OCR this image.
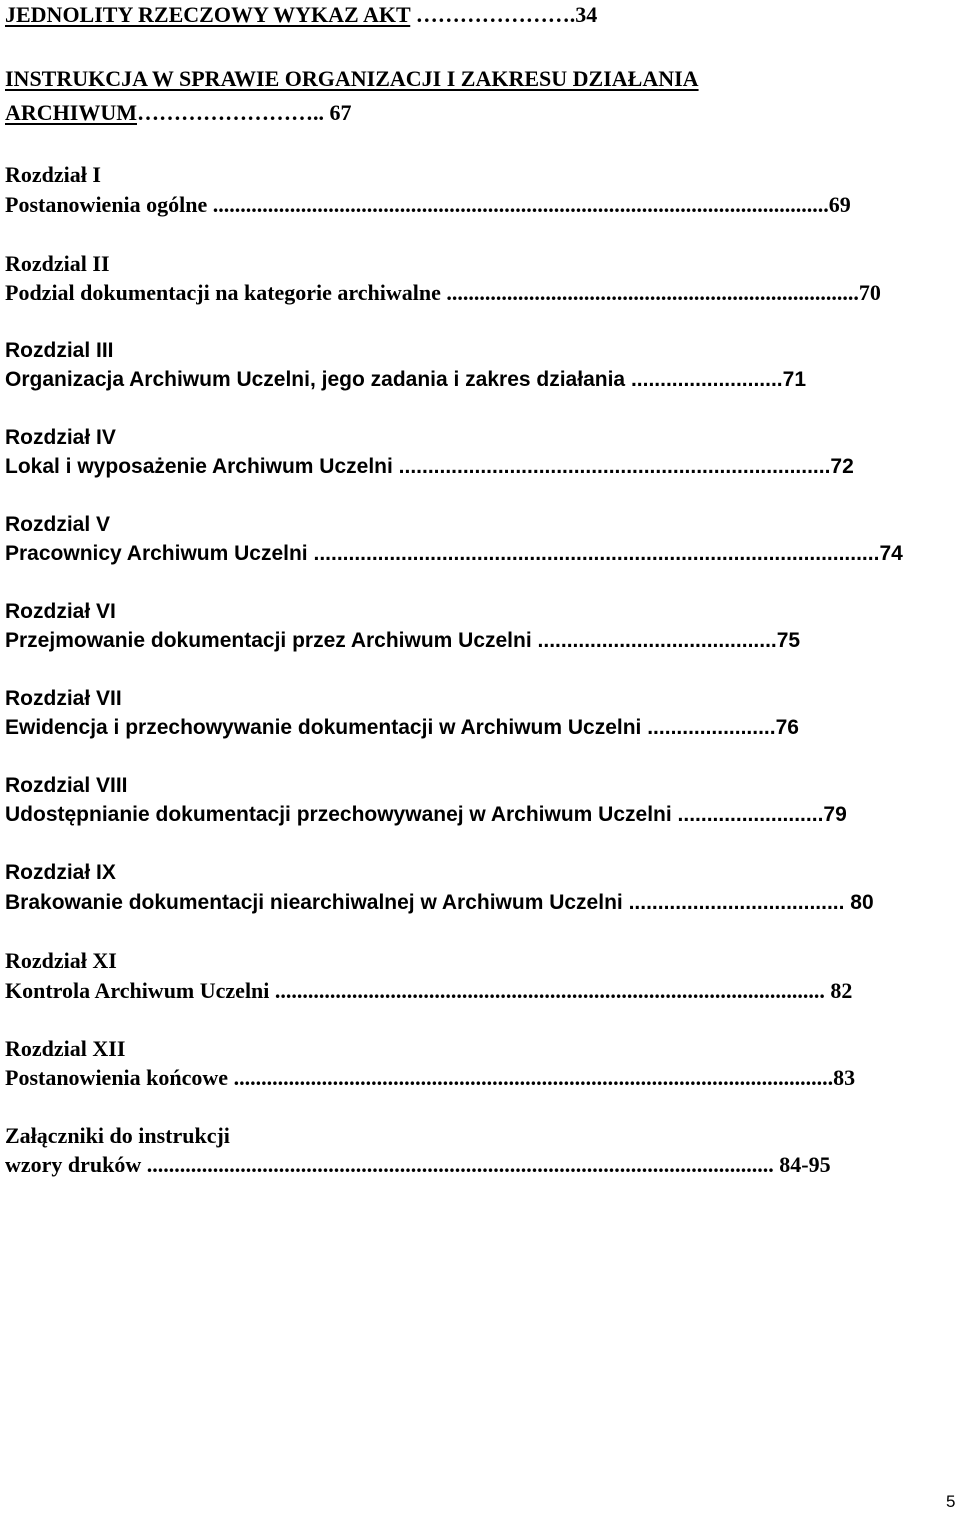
JEDNOLITY RZECZOWY WYKAZ AKT ………………….34
INSTRUKCJA W SPRAWIE ORGANIZACJI I ZAKRESU DZIAŁANIA
ARCHIWUM…………………….. 67
Rozdział I
Postanowienia ogólne ................................................................................................................69
Rozdzial II
Podzial dokumentacji na kategorie archiwalne ...........................................................................70
Rozdzial III
Organizacja Archiwum Uczelni, jego zadania i zakres działania ..........................71
Rozdział IV
Lokal i wyposażenie Archiwum Uczelni ..........................................................................72
Rozdzial V
Pracownicy Archiwum Uczelni .................................................................................................74
Rozdział VI
Przejmowanie dokumentacji przez Archiwum Uczelni .........................................75
Rozdział VII
Ewidencja i przechowywanie dokumentacji w Archiwum Uczelni ......................76
Rozdzial VIII
Udostępnianie dokumentacji przechowywanej w Archiwum Uczelni .........................79
Rozdział IX
Brakowanie dokumentacji niearchiwalnej w Archiwum Uczelni ..................................... 80
Rozdział XI
Kontrola Archiwum Uczelni .................................................................................................... 82
Rozdzial XII
Postanowienia końcowe .............................................................................................................83
Załączniki do instrukcji
wzory druków .................................................................................................................. 84-95
5
